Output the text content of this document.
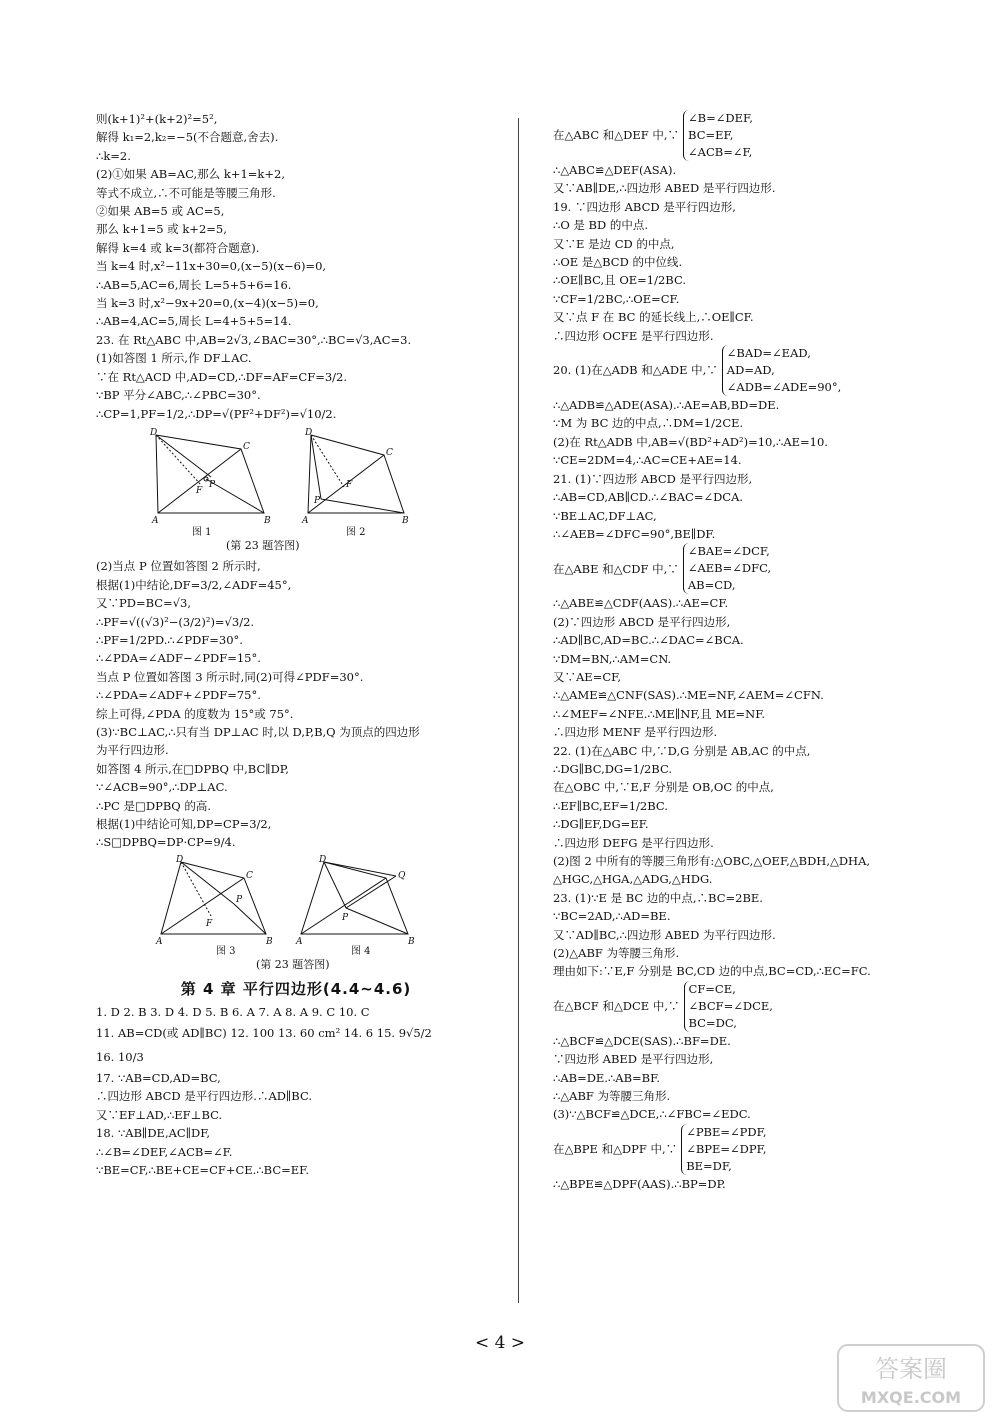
则(k+1)²+(k+2)²=5²,
解得 k₁=2,k₂=−5(不合题意,舍去).
∴k=2.
(2)①如果 AB=AC,那么 k+1=k+2,
等式不成立,∴不可能是等腰三角形.
②如果 AB=5 或 AC=5,
那么 k+1=5 或 k+2=5,
解得 k=4 或 k=3(都符合题意).
当 k=4 时,x²−11x+30=0,(x−5)(x−6)=0,
∴AB=5,AC=6,周长 L=5+5+6=16.
当 k=3 时,x²−9x+20=0,(x−4)(x−5)=0,
∴AB=4,AC=5,周长 L=4+5+5=14.
23. 在 Rt△ABC 中,AB=2√3,∠BAC=30°,∴BC=√3,AC=3.
(1)如答图 1 所示,作 DF⊥AC.
∵在 Rt△ACD 中,AD=CD,∴DF=AF=CF=3/2.
∵BP 平分∠ABC,∴∠PBC=30°.
∴CP=1,PF=1/2,∴DP=√(PF²+DF²)=√10/2.
D
C
A	B
F
P
D
C
A	B
F
P
图 1	图 2
(第 23 题答图)
(2)当点 P 位置如答图 2 所示时,
根据(1)中结论,DF=3/2,∠ADF=45°,
又∵PD=BC=√3,
∴PF=√((√3)²−(3/2)²)=√3/2.
∴PF=1/2PD.∴∠PDF=30°.
∴∠PDA=∠ADF−∠PDF=15°.
当点 P 位置如答图 3 所示时,同(2)可得∠PDF=30°.
∴∠PDA=∠ADF+∠PDF=75°.
综上可得,∠PDA 的度数为 15°或 75°.
(3)∵BC⊥AC,∴只有当 DP⊥AC 时,以 D,P,B,Q 为顶点的四边形
为平行四边形.
如答图 4 所示,在□DPBQ 中,BC∥DP,
∵∠ACB=90°,∴DP⊥AC.
∴PC 是□DPBQ 的高.
根据(1)中结论可知,DP=CP=3/2,
∴S□DPBQ=DP·CP=9/4.
D
C
A	B
F
P
D
Q
A	B
P
图 3	图 4
(第 23 题答图)
第 4 章 平行四边形(4.4~4.6)
1. D 2. B 3. D 4. D 5. B 6. A 7. A 8. A 9. C 10. C
11. AB=CD(或 AD∥BC) 12. 100 13. 60 cm² 14. 6 15. 9√5/2
16. 10/3
17. ∵AB=CD,AD=BC,
∴四边形 ABCD 是平行四边形.∴AD∥BC.
又∵EF⊥AD,∴EF⊥BC.
18. ∵AB∥DE,AC∥DF,
∴∠B=∠DEF,∠ACB=∠F.
∵BE=CF,∴BE+CE=CF+CE.∴BC=EF.
在△ABC 和△DEF 中,∵
∠B=∠DEF,
BC=EF,
∠ACB=∠F,
∴△ABC≌△DEF(ASA).
又∵AB∥DE,∴四边形 ABED 是平行四边形.
19. ∵四边形 ABCD 是平行四边形,
∴O 是 BD 的中点.
又∵E 是边 CD 的中点,
∴OE 是△BCD 的中位线.
∴OE∥BC,且 OE=1/2BC.
∵CF=1/2BC,∴OE=CF.
又∵点 F 在 BC 的延长线上,∴OE∥CF.
∴四边形 OCFE 是平行四边形.
20. (1)在△ADB 和△ADE 中,∵
∠BAD=∠EAD,
AD=AD,
∠ADB=∠ADE=90°,
∴△ADB≌△ADE(ASA).∴AE=AB,BD=DE.
∵M 为 BC 边的中点,∴DM=1/2CE.
(2)在 Rt△ADB 中,AB=√(BD²+AD²)=10,∴AE=10.
∵CE=2DM=4,∴AC=CE+AE=14.
21. (1)∵四边形 ABCD 是平行四边形,
∴AB=CD,AB∥CD.∴∠BAC=∠DCA.
∵BE⊥AC,DF⊥AC,
∴∠AEB=∠DFC=90°,BE∥DF.
在△ABE 和△CDF 中,∵
∠BAE=∠DCF,
∠AEB=∠DFC,
AB=CD,
∴△ABE≌△CDF(AAS).∴AE=CF.
(2)∵四边形 ABCD 是平行四边形,
∴AD∥BC,AD=BC.∴∠DAC=∠BCA.
∵DM=BN,∴AM=CN.
又∵AE=CF,
∴△AME≌△CNF(SAS).∴ME=NF,∠AEM=∠CFN.
∴∠MEF=∠NFE.∴ME∥NF,且 ME=NF.
∴四边形 MENF 是平行四边形.
22. (1)在△ABC 中,∵D,G 分别是 AB,AC 的中点,
∴DG∥BC,DG=1/2BC.
在△OBC 中,∵E,F 分别是 OB,OC 的中点,
∴EF∥BC,EF=1/2BC.
∴DG∥EF,DG=EF.
∴四边形 DEFG 是平行四边形.
(2)图 2 中所有的等腰三角形有:△OBC,△OEF,△BDH,△DHA,
△HGC,△HGA,△ADG,△HDG.
23. (1)∵E 是 BC 边的中点,∴BC=2BE.
∵BC=2AD,∴AD=BE.
又∵AD∥BC,∴四边形 ABED 为平行四边形.
(2)△ABF 为等腰三角形.
理由如下:∵E,F 分别是 BC,CD 边的中点,BC=CD,∴EC=FC.
在△BCF 和△DCE 中,∵
CF=CE,
∠BCF=∠DCE,
BC=DC,
∴△BCF≌△DCE(SAS).∴BF=DE.
∵四边形 ABED 是平行四边形,
∴AB=DE.∴AB=BF.
∴△ABF 为等腰三角形.
(3)∵△BCF≌△DCE,∴∠FBC=∠EDC.
在△BPE 和△DPF 中,∵
∠PBE=∠PDF,
∠BPE=∠DPF,
BE=DF,
∴△BPE≌△DPF(AAS).∴BP=DP.
< 4 >
答案圈
MXQE.COM
